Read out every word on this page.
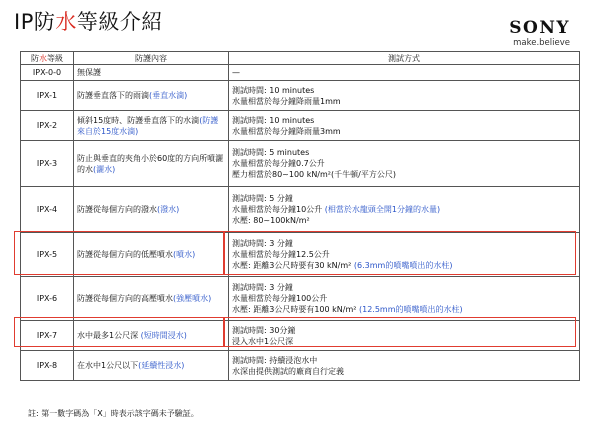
IP防水等級介紹	SONY
make.believe
防水等級	防護內容	測試方式
IPX-0-0	無保護	—

IPX-1	防護垂直落下的雨滴(垂直水滴)	測試時間: 10 minutes
水量相當於每分鐘降雨量1mm

IPX-2	傾斜15度時、防護垂直落下的水滴(防護來自於15度水滴)	測試時間: 10 minutes
水量相當於每分鐘降雨量3mm

IPX-3	防止與垂直的夾角小於60度的方向所噴灑的水(灑水)	測試時間: 5 minutes
水量相當於每分鐘0.7公升
壓力相當於80~100 kN/m²(千牛頓/平方公尺)

IPX-4	防護從每個方向的潑水(潑水)	測試時間: 5 分鐘
水量相當於每分鐘10公升 (相當於水龍頭全開1分鐘的水量)
水壓: 80~100kN/m²

IPX-5	防護從每個方向的低壓噴水(噴水)	測試時間: 3 分鐘
水量相當於每分鐘12.5公升
水壓: 距離3公尺時要有30 kN/m² (6.3mm的噴嘴噴出的水柱)

IPX-6	防護從每個方向的高壓噴水(強壓噴水)	測試時間: 3 分鐘
水量相當於每分鐘100公升
水壓: 距離3公尺時要有100 kN/m² (12.5mm的噴嘴噴出的水柱)

IPX-7	水中最多1公尺深 (短時間浸水)	測試時間: 30分鐘
浸入水中1公尺深

IPX-8	在水中1公尺以下(延續性浸水)	測試時間: 持續浸泡水中
水深由提供測試的廠商自行定義
註: 第一數字碼為「X」時表示該字碼未予驗証。
